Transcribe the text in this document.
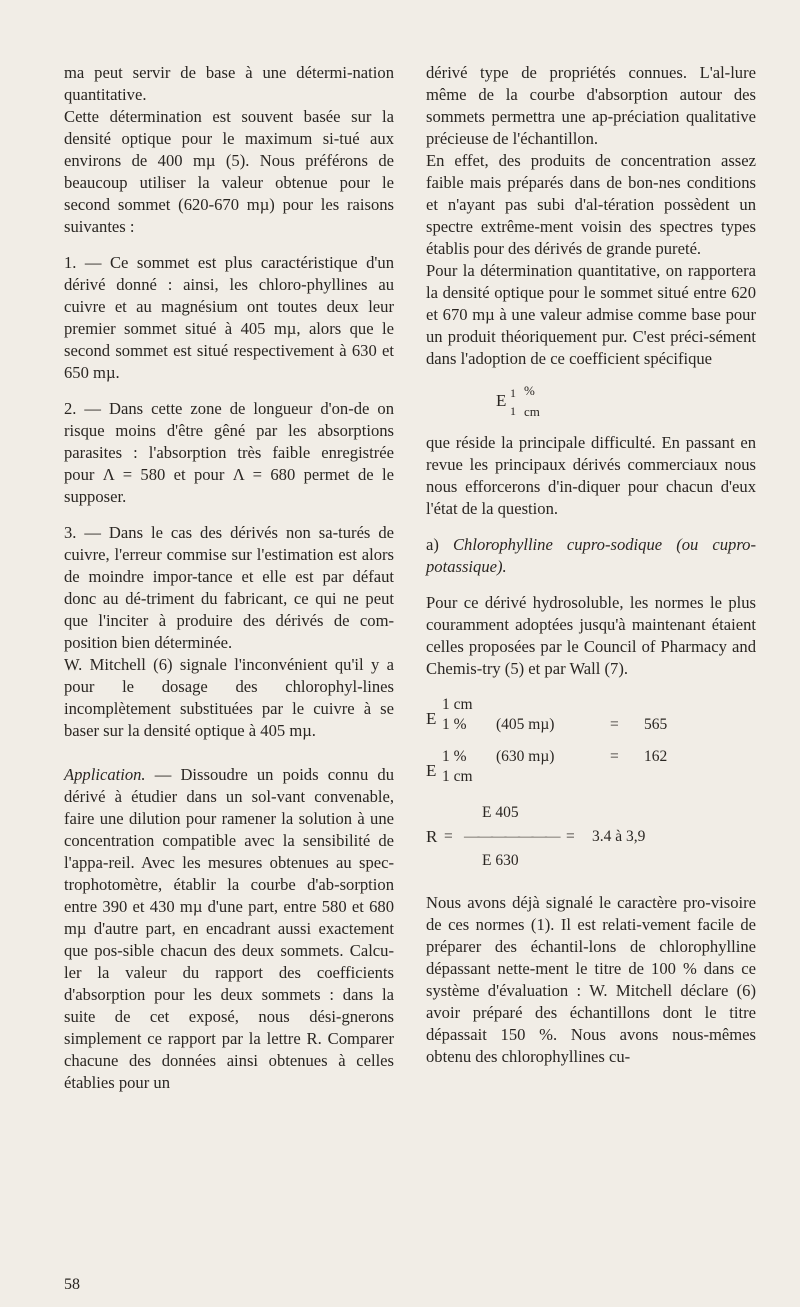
ma peut servir de base à une détermi-nation quantitative.

Cette détermination est souvent basée sur la densité optique pour le maximum si-tué aux environs de 400 mµ (5). Nous préférons de beaucoup utiliser la valeur obtenue pour le second sommet (620-670 mµ) pour les raisons suivantes :

1. — Ce sommet est plus caractéristique d'un dérivé donné : ainsi, les chloro-phyllines au cuivre et au magnésium ont toutes deux leur premier sommet situé à 405 mµ, alors que le second sommet est situé respectivement à 630 et 650 mµ.

2. — Dans cette zone de longueur d'on-de on risque moins d'être gêné par les absorptions parasites : l'absorption très faible enregistrée pour Λ = 580 et pour Λ = 680 permet de le supposer.

3. — Dans le cas des dérivés non sa-turés de cuivre, l'erreur commise sur l'estimation est alors de moindre impor-tance et elle est par défaut donc au dé-triment du fabricant, ce qui ne peut que l'inciter à produire des dérivés de com-position bien déterminée.

W. Mitchell (6) signale l'inconvénient qu'il y a pour le dosage des chlorophyl-lines incomplètement substituées par le cuivre à se baser sur la densité optique à 405 mµ.

Application. — Dissoudre un poids connu du dérivé à étudier dans un sol-vant convenable, faire une dilution pour ramener la solution à une concentration compatible avec la sensibilité de l'appa-reil. Avec les mesures obtenues au spec-trophotomètre, établir la courbe d'ab-sorption entre 390 et 430 mµ d'une part, entre 580 et 680 mµ d'autre part, en encadrant aussi exactement que pos-sible chacun des deux sommets. Calcu-ler la valeur du rapport des coefficients d'absorption pour les deux sommets : dans la suite de cet exposé, nous dési-gnerons simplement ce rapport par la lettre R. Comparer chacune des données ainsi obtenues à celles établies pour un

dérivé type de propriétés connues. L'al-lure même de la courbe d'absorption autour des sommets permettra une ap-préciation qualitative précieuse de l'échantillon.

En effet, des produits de concentration assez faible mais préparés dans de bon-nes conditions et n'ayant pas subi d'al-tération possèdent un spectre extrême-ment voisin des spectres types établis pour des dérivés de grande pureté.

Pour la détermination quantitative, on rapportera la densité optique pour le sommet situé entre 620 et 670 mµ à une valeur admise comme base pour un produit théoriquement pur. C'est préci-sément dans l'adoption de ce coefficient spécifique

E 1 %
1 cm

que réside la principale difficulté. En passant en revue les principaux dérivés commerciaux nous nous efforcerons d'in-diquer pour chacun d'eux l'état de la question.

a) Chlorophylline cupro-sodique (ou cupro-potassique).

Pour ce dérivé hydrosoluble, les normes le plus couramment adoptées jusqu'à maintenant étaient celles proposées par le Council of Pharmacy and Chemis-try (5) et par Wall (7).

E
1 cm
1 % (405 mµ)	= 565
E
1 %
1 cm
(630 mµ)	= 162
R =
E 405
———————
E 630
= 3.4 à 3,9

Nous avons déjà signalé le caractère pro-visoire de ces normes (1). Il est relati-vement facile de préparer des échantil-lons de chlorophylline dépassant nette-ment le titre de 100 % dans ce système d'évaluation : W. Mitchell déclare (6) avoir préparé des échantillons dont le titre dépassait 150 %. Nous avons nous-mêmes obtenu des chlorophyllines cu-

58
